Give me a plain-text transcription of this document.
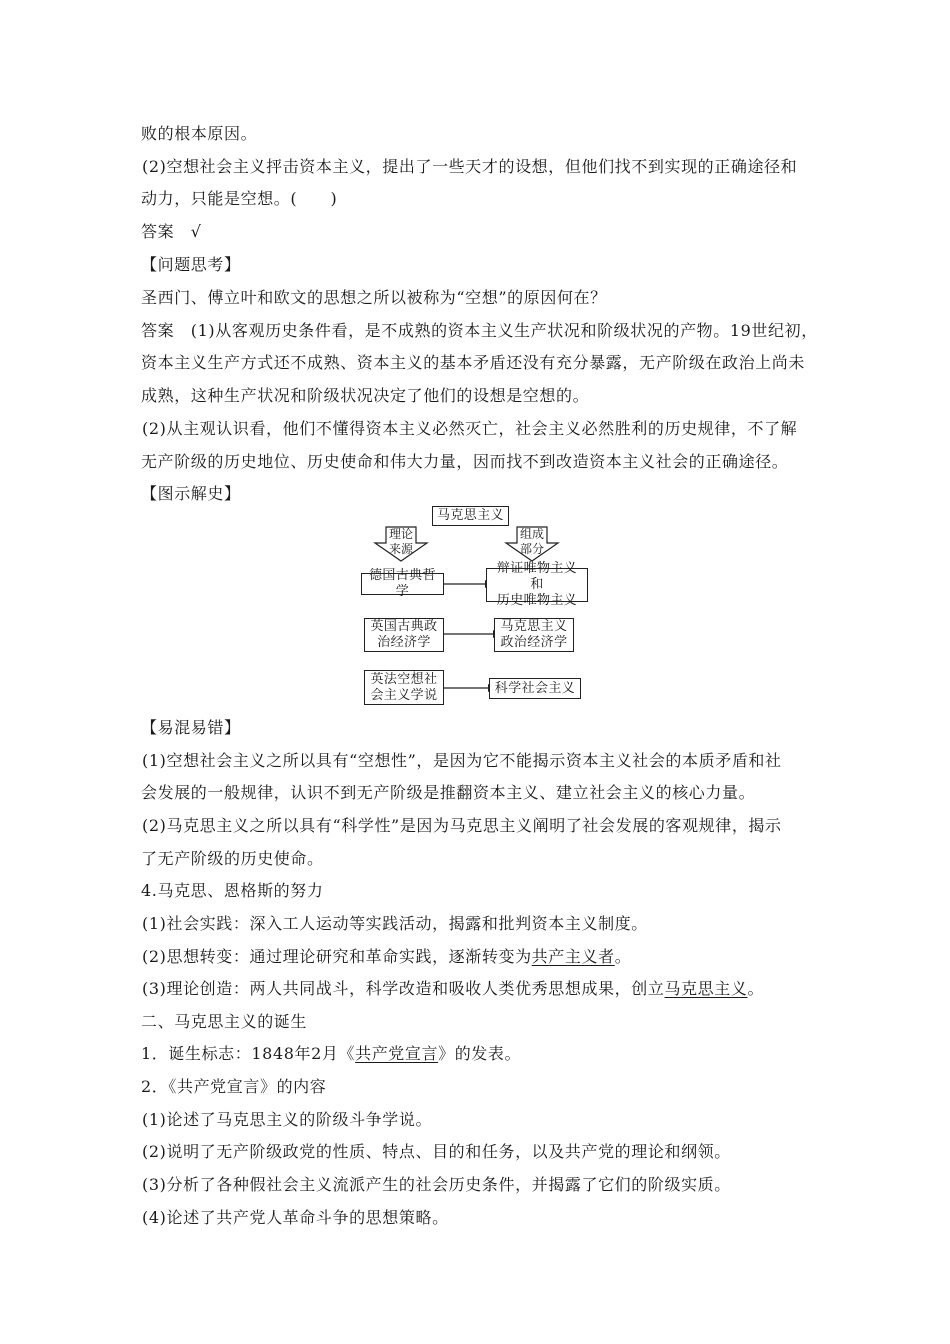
败的根本原因。
(2)空想社会主义抨击资本主义，提出了一些天才的设想，但他们找不到实现的正确途径和
动力，只能是空想。(　　)
答案　√
【问题思考】
圣西门、傅立叶和欧文的思想之所以被称为“空想”的原因何在？
答案　(1)从客观历史条件看，是不成熟的资本主义生产状况和阶级状况的产物。19世纪初，
资本主义生产方式还不成熟、资本主义的基本矛盾还没有充分暴露，无产阶级在政治上尚未
成熟，这种生产状况和阶级状况决定了他们的设想是空想的。
(2)从主观认识看，他们不懂得资本主义必然灭亡，社会主义必然胜利的历史规律，不了解
无产阶级的历史地位、历史使命和伟大力量，因而找不到改造资本主义社会的正确途径。
【图示解史】
马克思主义
理论
来源
组成
部分
德国古典哲学
辩证唯物主义和
历史唯物主义
英国古典政
治经济学
马克思主义
政治经济学
英法空想社
会主义学说	科学社会主义
【易混易错】
(1)空想社会主义之所以具有“空想性”，是因为它不能揭示资本主义社会的本质矛盾和社
会发展的一般规律，认识不到无产阶级是推翻资本主义、建立社会主义的核心力量。
(2)马克思主义之所以具有“科学性”是因为马克思主义阐明了社会发展的客观规律，揭示
了无产阶级的历史使命。
4.马克思、恩格斯的努力
(1)社会实践：深入工人运动等实践活动，揭露和批判资本主义制度。
(2)思想转变：通过理论研究和革命实践，逐渐转变为共产主义者。
(3)理论创造：两人共同战斗，科学改造和吸收人类优秀思想成果，创立马克思主义。
二、马克思主义的诞生
1．诞生标志：1848年2月《共产党宣言》的发表。
2．《共产党宣言》的内容
(1)论述了马克思主义的阶级斗争学说。
(2)说明了无产阶级政党的性质、特点、目的和任务，以及共产党的理论和纲领。
(3)分析了各种假社会主义流派产生的社会历史条件，并揭露了它们的阶级实质。
(4)论述了共产党人革命斗争的思想策略。
